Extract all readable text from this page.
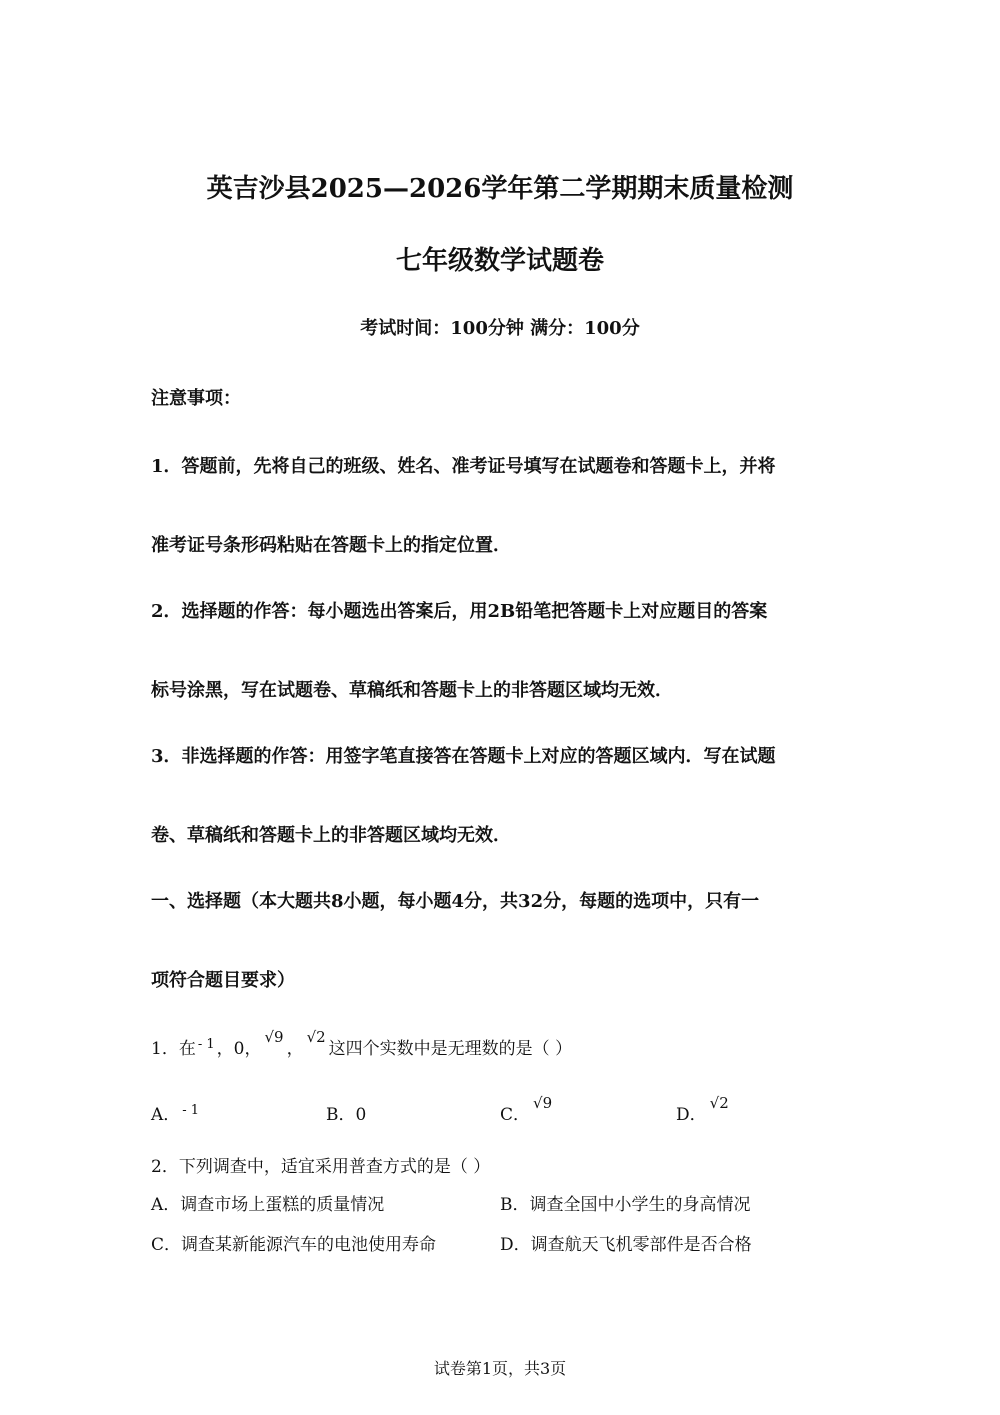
英吉沙县2025—2026学年第二学期期末质量检测
七年级数学试题卷
考试时间：100分钟 满分：100分
注意事项：
1．答题前，先将自己的班级、姓名、准考证号填写在试题卷和答题卡上，并将
准考证号条形码粘贴在答题卡上的指定位置．
2．选择题的作答：每小题选出答案后，用2B铅笔把答题卡上对应题目的答案
标号涂黑，写在试题卷、草稿纸和答题卡上的非答题区域均无效．
3．非选择题的作答：用签字笔直接答在答题卡上对应的答题区域内．写在试题
卷、草稿纸和答题卡上的非答题区域均无效．
一、选择题（本大题共8小题，每小题4分，共32分，每题的选项中，只有一
项符合题目要求）
1．在 $^{- 1}$ ，0，√9，√2这四个实数中是无理数的是（ ）
A． $^{- 1}$	B．0	C．√9
D．√2
2．下列调查中，适宜采用普查方式的是（ ）
A．调查市场上蛋糕的质量情况	B．调查全国中小学生的身高情况
C．调查某新能源汽车的电池使用寿命	D．调查航天飞机零部件是否合格
试卷第1页，共3页
